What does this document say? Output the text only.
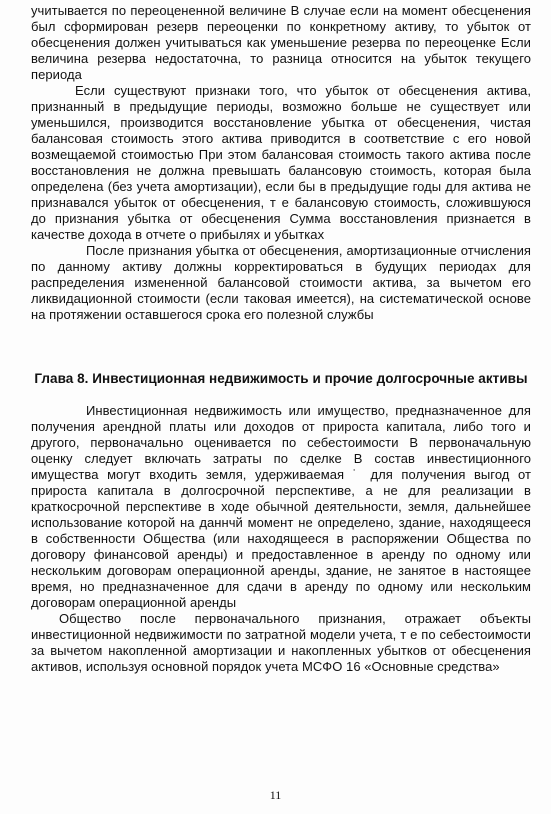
учитывается по переоцененной величине В случае если на момент обесценения был сформирован резерв переоценки по конкретному активу, то убыток от обесценения должен учитываться как уменьшение резерва по переоценке Если величина резерва недостаточна, то разница относится на убыток текущего периода

Если существуют признаки того, что убыток от обесценения актива, признанный в предыдущие периоды, возможно больше не существует или уменьшился, производится восстановление убытка от обесценения, чистая балансовая стоимость этого актива приводится в соответствие с его новой возмещаемой стоимостью При этом балансовая стоимость такого актива после восстановления не должна превышать балансовую стоимость, которая была определена (без учета амортизации), если бы в предыдущие годы для актива не признавался убыток от обесценения, т е балансовую стоимость, сложившуюся до признания убытка от обесценения Сумма восстановления признается в качестве дохода в отчете о прибылях и убытках

После признания убытка от обесценения, амортизационные отчисления по данному активу должны корректироваться в будущих периодах для распределения измененной балансовой стоимости актива, за вычетом его ликвидационной стоимости (если таковая имеется), на систематической основе на протяжении оставшегося срока его полезной службы

Глава 8. Инвестиционная недвижимость и прочие долгосрочные активы

Инвестиционная недвижимость или имущество, предназначенное для получения арендной платы или доходов от прироста капитала, либо того и другого, первоначально оценивается по себестоимости В первоначальную оценку следует включать затраты по сделке В состав инвестиционного имущества могут входить земля, удерживаемая ˙ для получения выгод от прироста капитала в долгосрочной перспективе, а не для реализации в краткосрочной перспективе в ходе обычной деятельности, земля, дальнейшее использование которой на даннчй момент не определено, здание, находящееся в собственности Общества (или находящееся в распоряжении Общества по договору финансовой аренды) и предоставленное в аренду по одному или нескольким договорам операционной аренды, здание, не занятое в настоящее время, но предназначенное для сдачи в аренду по одному или нескольким договорам операционной аренды

Общество после первоначального признания, отражает объекты инвестиционной недвижимости по затратной модели учета, т е по себестоимости за вычетом накопленной амортизации и накопленных убытков от обесценения активов, используя основной порядок учета МСФО 16 «Основные средства»

11
